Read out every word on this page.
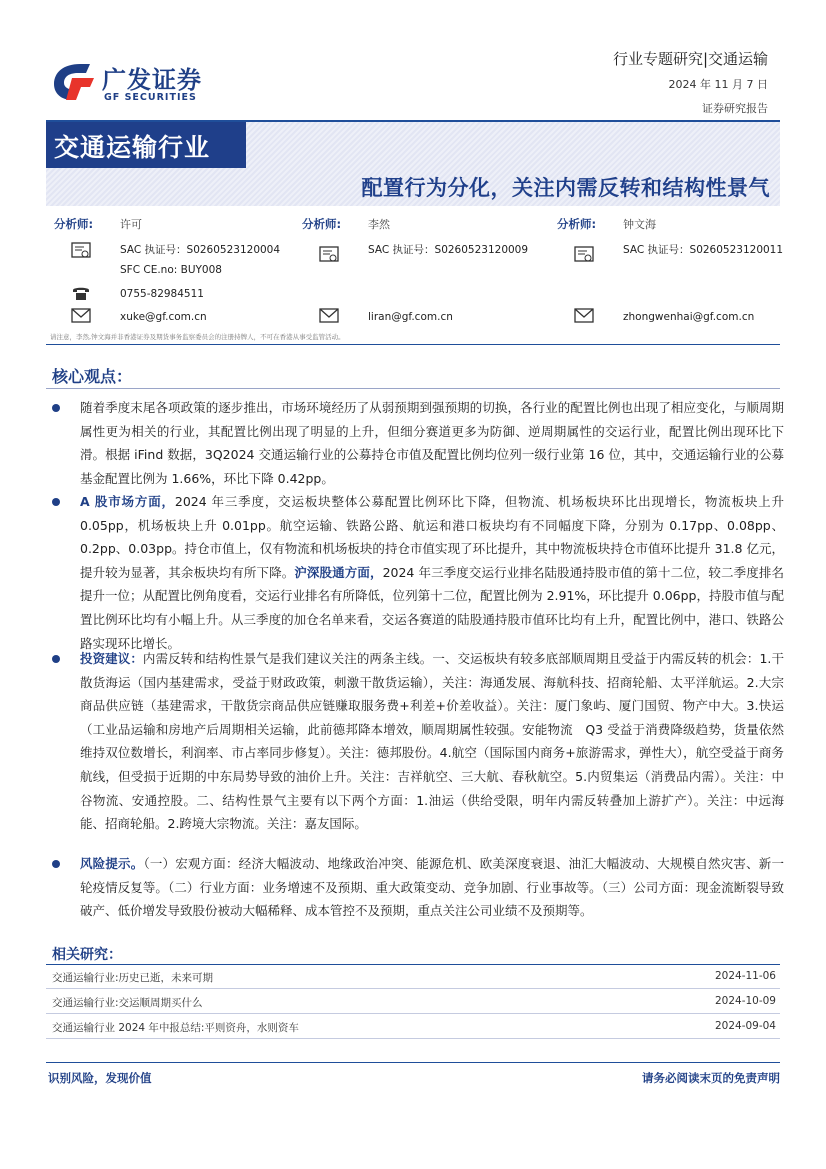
广发证券
GF SECURITIES
行业专题研究|交通运输
2024 年 11 月 7 日
证券研究报告
交通运输行业
配置行为分化，关注内需反转和结构性景气
分析师: 许可
SAC 执证号：S0260523120004
SFC CE.no: BUY008
0755-82984511
xuke@gf.com.cn
分析师: 李然
SAC 执证号：S0260523120009
liran@gf.com.cn
分析师: 钟文海
SAC 执证号：S0260523120011
zhongwenhai@gf.com.cn
请注意，李然,钟文海并非香港证券及期货事务监察委员会的注册持牌人，不可在香港从事受监管活动。
核心观点：
随着季度末尾各项政策的逐步推出，市场环境经历了从弱预期到强预期的切换，各行业的配置比例也出现了相应变化，与顺周期属性更为相关的行业，其配置比例出现了明显的上升，但细分赛道更多为防御、逆周期属性的交运行业，配置比例出现环比下滑。根据 iFind 数据，3Q2024 交通运输行业的公募持仓市值及配置比例均位列一级行业第 16 位，其中，交通运输行业的公募基金配置比例为 1.66%，环比下降 0.42pp。
A 股市场方面，2024 年三季度，交运板块整体公募配置比例环比下降，但物流、机场板块环比出现增长，物流板块上升 0.05pp，机场板块上升 0.01pp。航空运输、铁路公路、航运和港口板块均有不同幅度下降，分别为 0.17pp、0.08pp、0.2pp、0.03pp。持仓市值上，仅有物流和机场板块的持仓市值实现了环比提升，其中物流板块持仓市值环比提升 31.8 亿元，提升较为显著，其余板块均有所下降。沪深股通方面，2024 年三季度交运行业排名陆股通持股市值的第十二位，较二季度排名提升一位；从配置比例角度看，交运行业排名有所降低，位列第十二位，配置比例为 2.91%，环比提升 0.06pp，持股市值与配置比例环比均有小幅上升。从三季度的加仓名单来看，交运各赛道的陆股通持股市值环比均有上升，配置比例中，港口、铁路公路实现环比增长。
投资建议：内需反转和结构性景气是我们建议关注的两条主线。一、交运板块有较多底部顺周期且受益于内需反转的机会：1.干散货海运（国内基建需求，受益于财政政策，刺激干散货运输），关注：海通发展、海航科技、招商轮船、太平洋航运。2.大宗商品供应链（基建需求，干散货宗商品供应链赚取服务费+利差+价差收益）。关注：厦门象屿、厦门国贸、物产中大。3.快运（工业品运输和房地产后周期相关运输，此前德邦降本增效，顺周期属性较强。安能物流　Q3 受益于消费降级趋势，货量依然维持双位数增长，利润率、市占率同步修复）。关注：德邦股份。4.航空（国际国内商务+旅游需求，弹性大），航空受益于商务航线，但受损于近期的中东局势导致的油价上升。关注：吉祥航空、三大航、春秋航空。5.内贸集运（消费品内需）。关注：中谷物流、安通控股。二、结构性景气主要有以下两个方面：1.油运（供给受限，明年内需反转叠加上游扩产）。关注：中远海能、招商轮船。2.跨境大宗物流。关注：嘉友国际。
风险提示。（一）宏观方面：经济大幅波动、地缘政治冲突、能源危机、欧美深度衰退、油汇大幅波动、大规模自然灾害、新一轮疫情反复等。（二）行业方面：业务增速不及预期、重大政策变动、竞争加剧、行业事故等。（三）公司方面：现金流断裂导致破产、低价增发导致股份被动大幅稀释、成本管控不及预期，重点关注公司业绩不及预期等。
相关研究：
交通运输行业:历史已逝，未来可期	2024-11-06
交通运输行业:交运顺周期买什么	2024-10-09
交通运输行业 2024 年中报总结:平则资舟，水则资车	2024-09-04
识别风险，发现价值	请务必阅读末页的免责声明
